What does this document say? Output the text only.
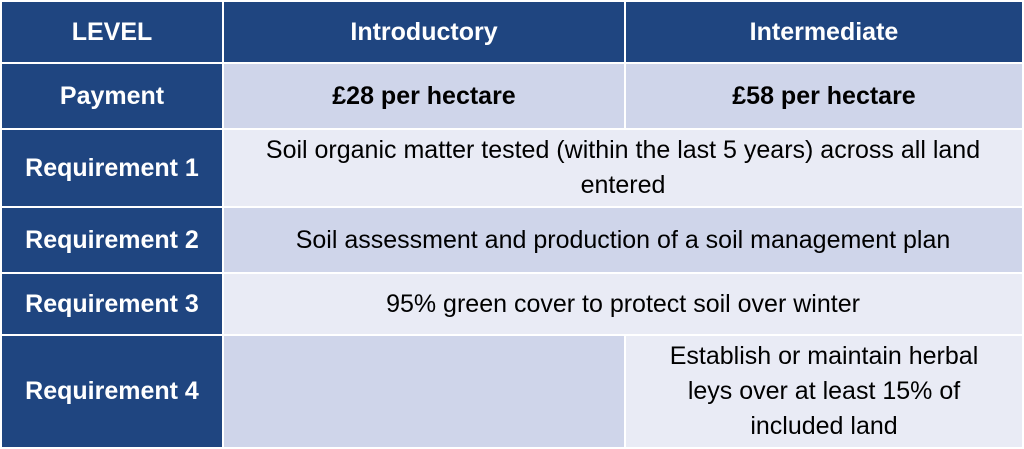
LEVEL	Introductory	Intermediate
Payment	£28 per hectare	£58 per hectare
Requirement 1	Soil organic matter tested (within the last 5 years) across all land entered	
Requirement 2	Soil assessment and production of a soil management plan	
Requirement 3	95% green cover to protect soil over winter	
Requirement 4		Establish or maintain herbal leys over at least 15% of included land
